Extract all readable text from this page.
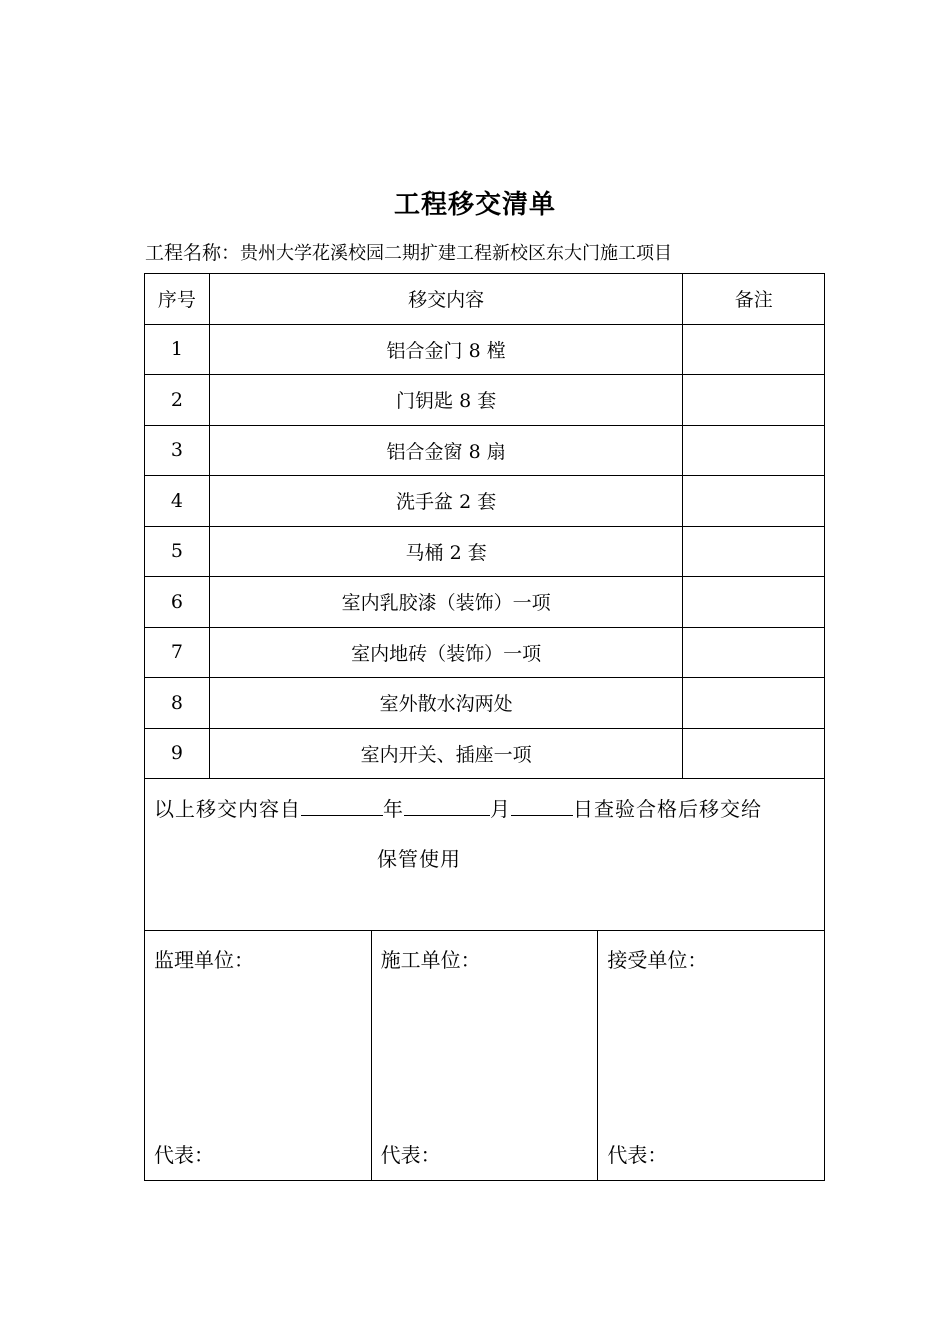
工程移交清单
工程名称：贵州大学花溪校园二期扩建工程新校区东大门施工项目
序号	移交内容	备注
1	铝合金门 8 樘	
2	门钥匙 8 套	
3	铝合金窗 8 扇	
4	洗手盆 2 套	
5	马桶 2 套	
6	室内乳胶漆（装饰）一项	
7	室内地砖（装饰）一项	
8	室外散水沟两处	
9	室内开关、插座一项	
以上移交内容自	年	月	日查验合格后移交给
保管使用
监理单位：
代表：
施工单位：
代表：
接受单位：
代表：
